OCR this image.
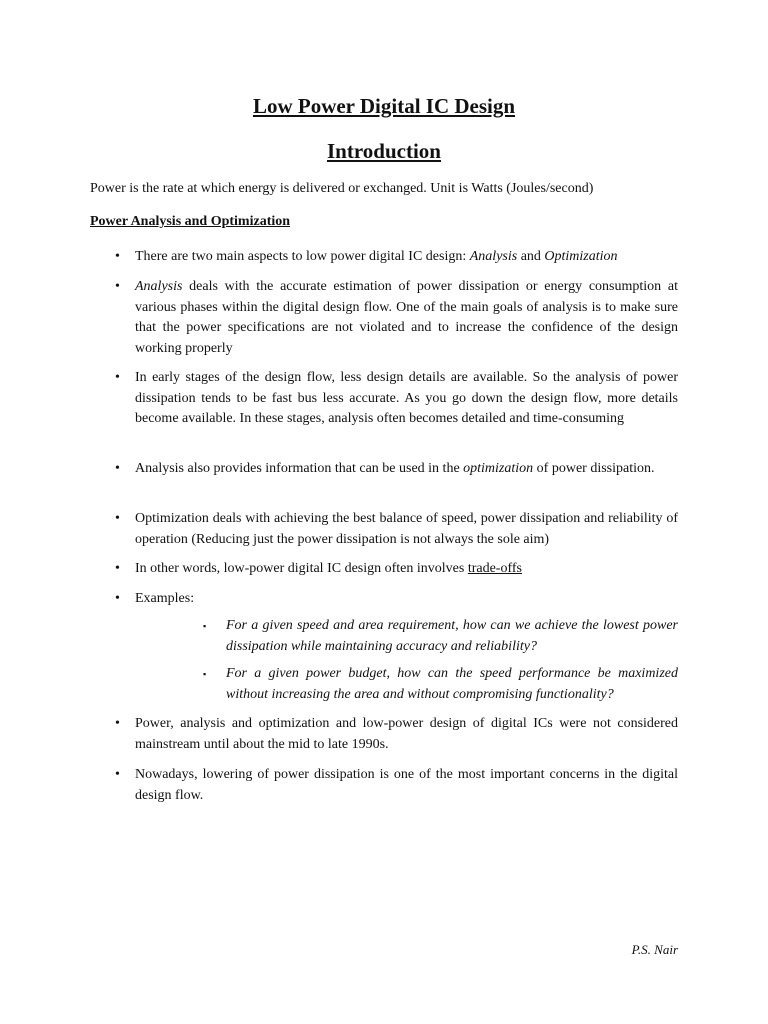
Low Power Digital IC Design
Introduction
Power is the rate at which energy is delivered or exchanged. Unit is Watts (Joules/second)
Power Analysis and Optimization
• There are two main aspects to low power digital IC design: Analysis and Optimization
• Analysis deals with the accurate estimation of power dissipation or energy consumption at various phases within the digital design flow. One of the main goals of analysis is to make sure that the power specifications are not violated and to increase the confidence of the design working properly
• In early stages of the design flow, less design details are available. So the analysis of power dissipation tends to be fast bus less accurate. As you go down the design flow, more details become available. In these stages, analysis often becomes detailed and time-consuming
• Analysis also provides information that can be used in the optimization of power dissipation.
• Optimization deals with achieving the best balance of speed, power dissipation and reliability of operation (Reducing just the power dissipation is not always the sole aim)
• In other words, low-power digital IC design often involves trade-offs
• Examples:
▪ For a given speed and area requirement, how can we achieve the lowest power dissipation while maintaining accuracy and reliability?
▪ For a given power budget, how can the speed performance be maximized without increasing the area and without compromising functionality?
• Power, analysis and optimization and low-power design of digital ICs were not considered mainstream until about the mid to late 1990s.
• Nowadays, lowering of power dissipation is one of the most important concerns in the digital design flow.
P.S. Nair
